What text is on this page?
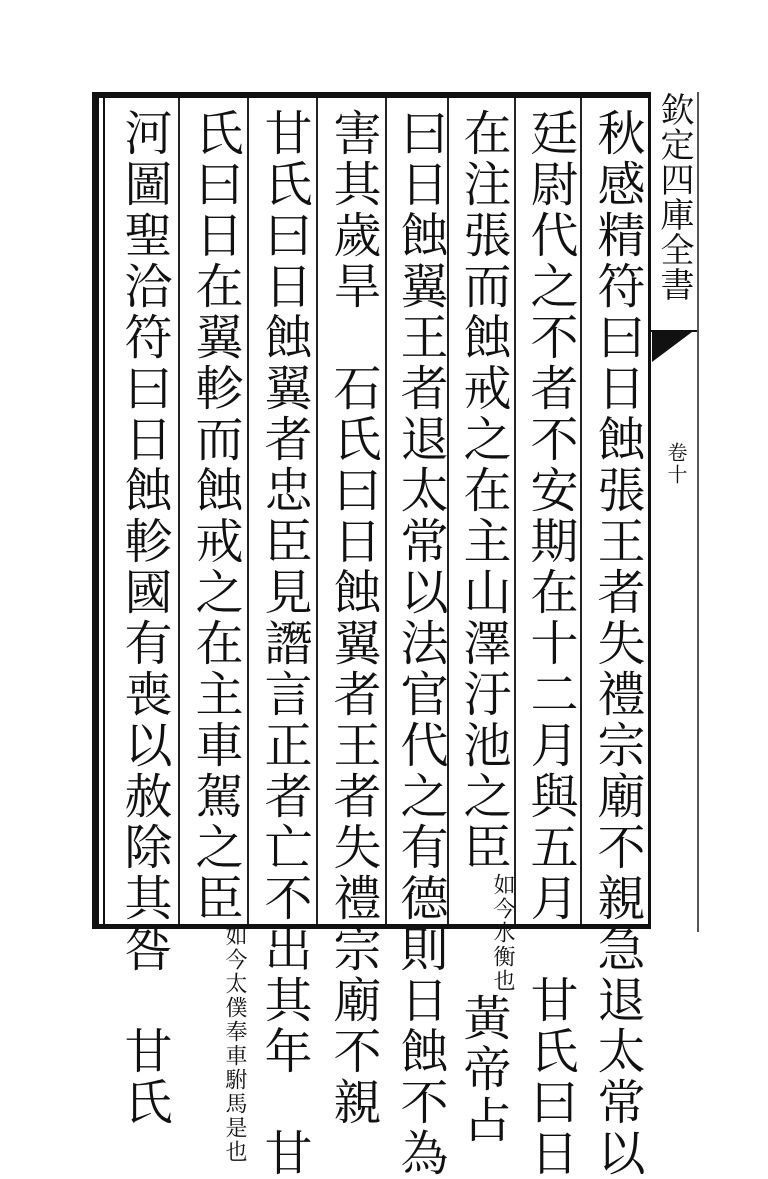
秋感精符曰日蝕張王者失禮宗廟不親急退太常以
廷尉代之不者不安期在十二月與五月　甘氏曰日
在注張而蝕戒之在主山澤汙池之臣如今水衡也黃帝占
曰日蝕翼王者退太常以法官代之有德則日蝕不為
害其歲旱　石氏曰日蝕翼者王者失禮宗廟不親
甘氏曰日蝕翼者忠臣見譖言正者亡不出其年　甘
氏曰日在翼軫而蝕戒之在主車駕之臣如今太僕奉車駙馬是也
河圖聖洽符曰日蝕軫國有喪以赦除其咎　甘氏	欽定四庫全書
卷十
